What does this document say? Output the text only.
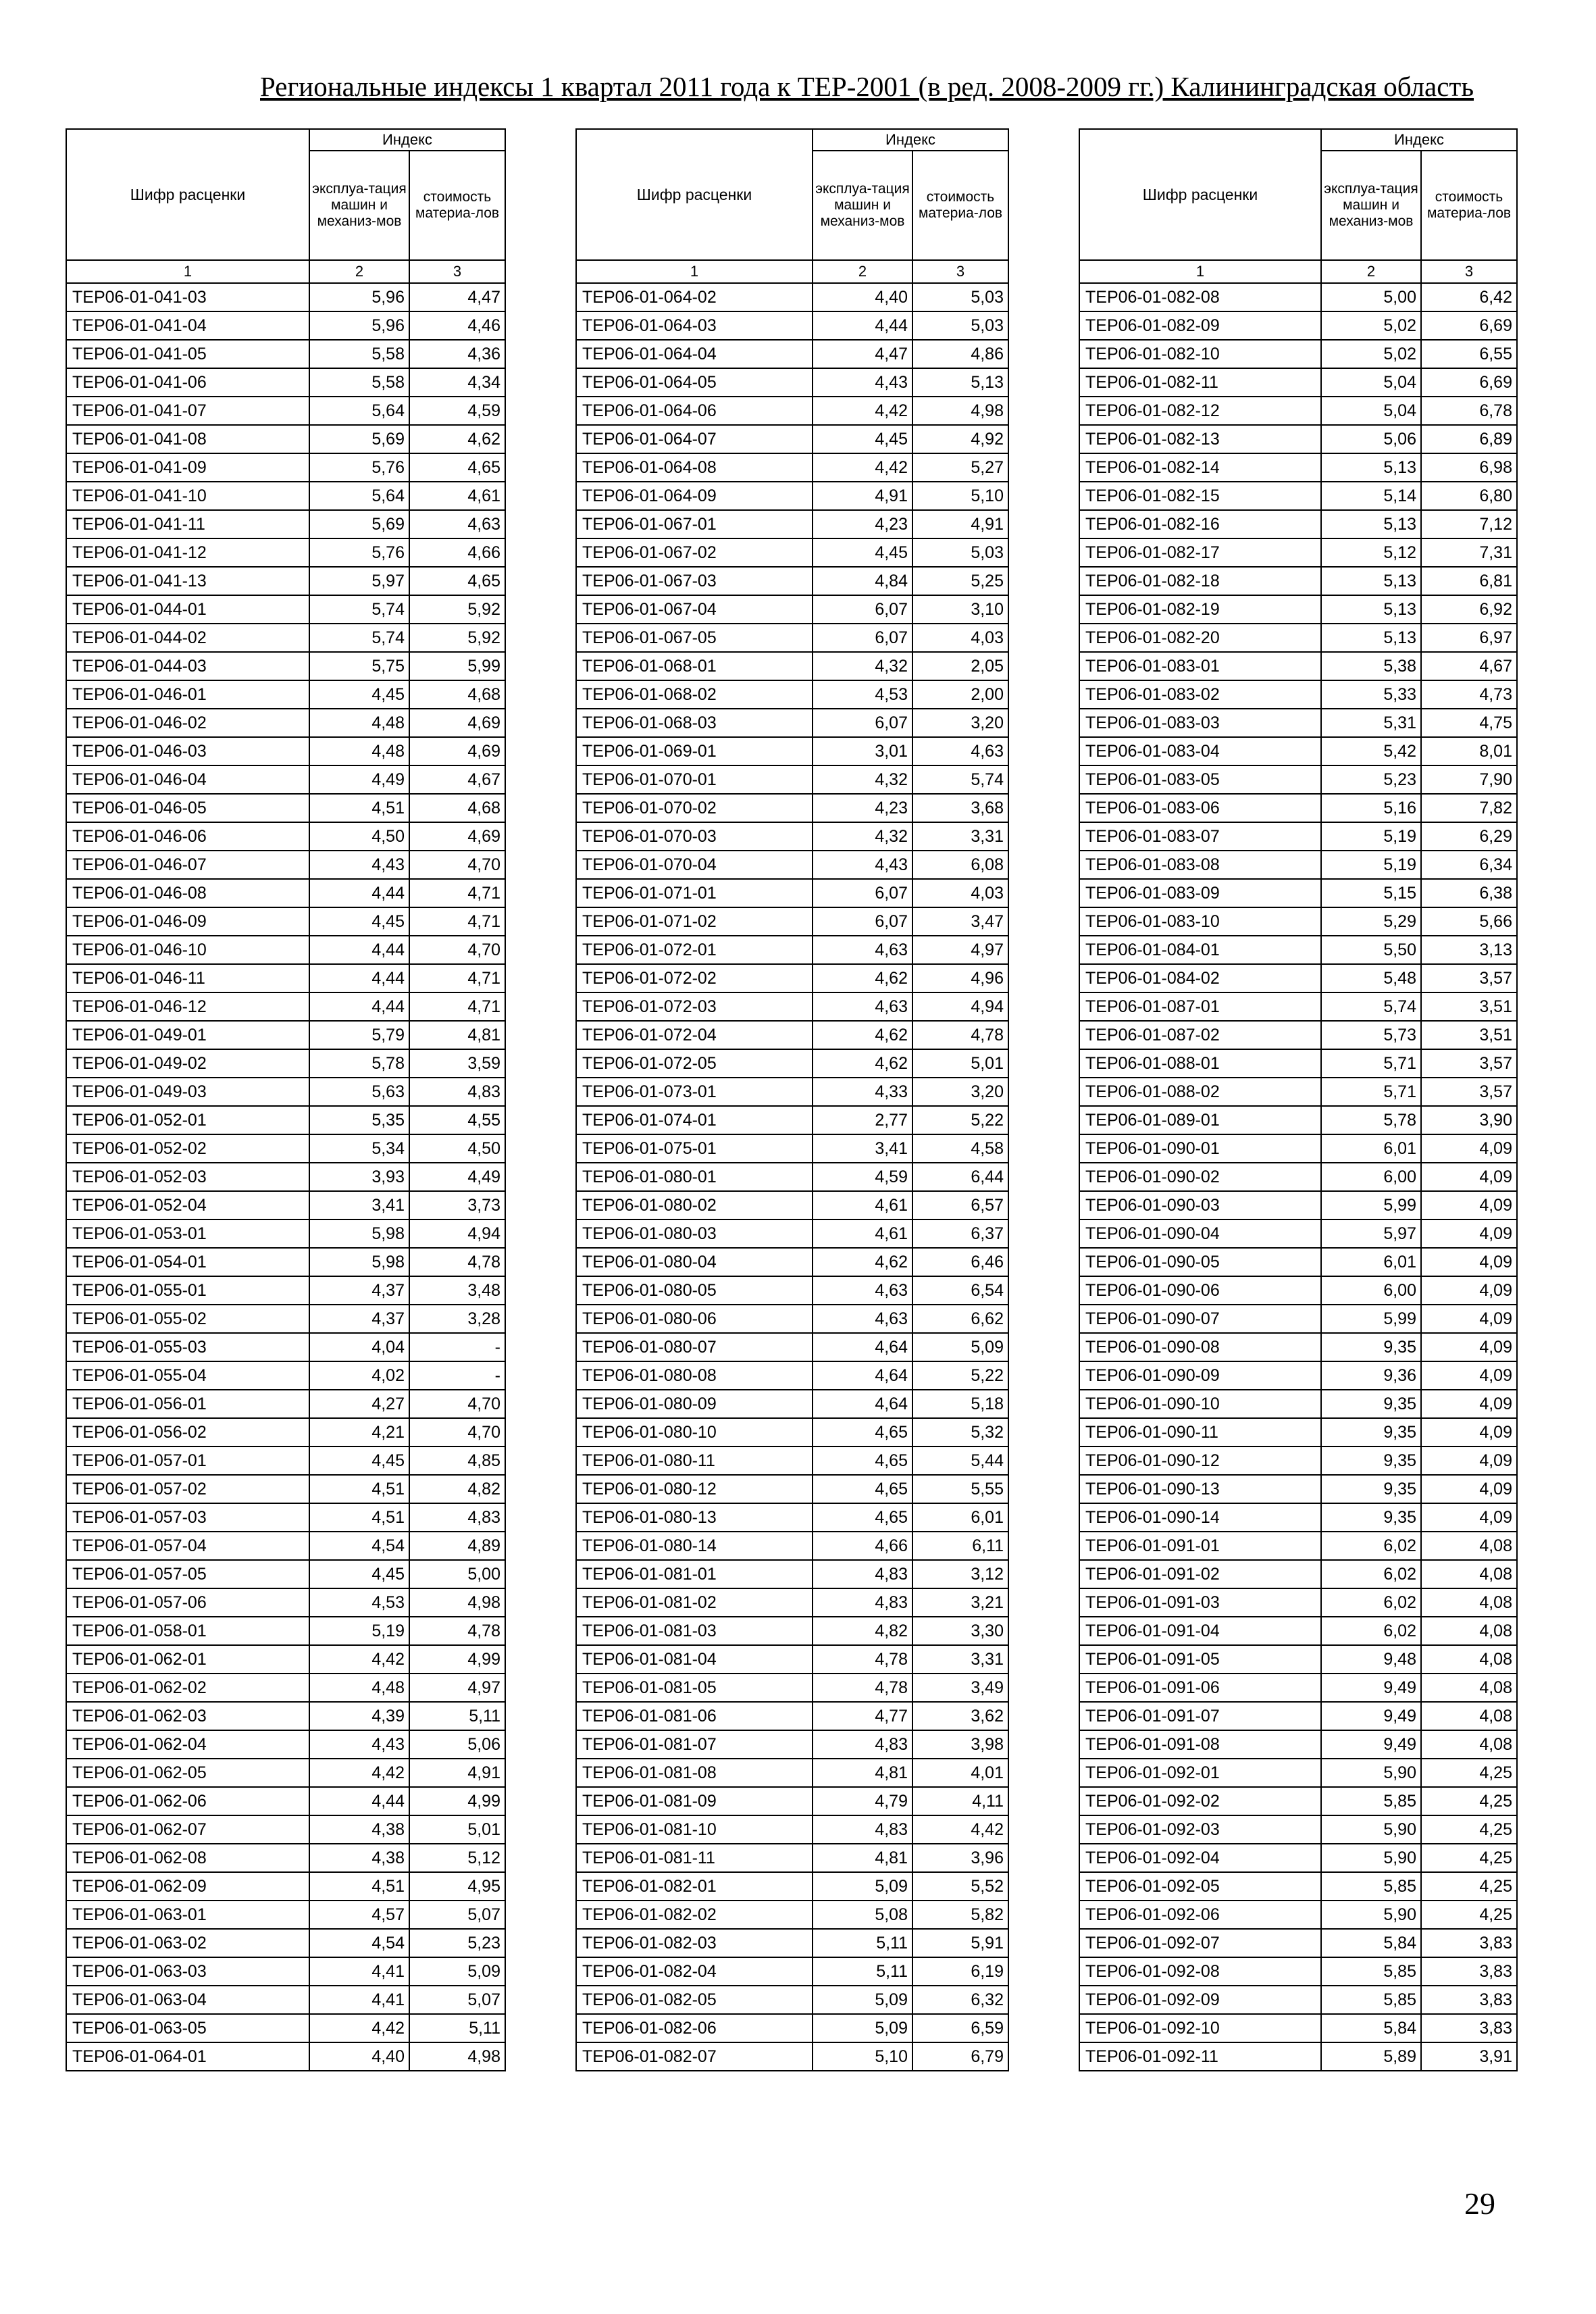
Региональные индексы 1 квартал 2011 года к ТЕР-2001 (в ред. 2008-2009 гг.) Калининградская область
Шифр расценки	Индекс	
	эксплуа-тация машин и механиз-мов	стоимость материа-лов
1	2	3
ТЕР06-01-041-03	5,96	4,47
ТЕР06-01-041-04	5,96	4,46
ТЕР06-01-041-05	5,58	4,36
ТЕР06-01-041-06	5,58	4,34
ТЕР06-01-041-07	5,64	4,59
ТЕР06-01-041-08	5,69	4,62
ТЕР06-01-041-09	5,76	4,65
ТЕР06-01-041-10	5,64	4,61
ТЕР06-01-041-11	5,69	4,63
ТЕР06-01-041-12	5,76	4,66
ТЕР06-01-041-13	5,97	4,65
ТЕР06-01-044-01	5,74	5,92
ТЕР06-01-044-02	5,74	5,92
ТЕР06-01-044-03	5,75	5,99
ТЕР06-01-046-01	4,45	4,68
ТЕР06-01-046-02	4,48	4,69
ТЕР06-01-046-03	4,48	4,69
ТЕР06-01-046-04	4,49	4,67
ТЕР06-01-046-05	4,51	4,68
ТЕР06-01-046-06	4,50	4,69
ТЕР06-01-046-07	4,43	4,70
ТЕР06-01-046-08	4,44	4,71
ТЕР06-01-046-09	4,45	4,71
ТЕР06-01-046-10	4,44	4,70
ТЕР06-01-046-11	4,44	4,71
ТЕР06-01-046-12	4,44	4,71
ТЕР06-01-049-01	5,79	4,81
ТЕР06-01-049-02	5,78	3,59
ТЕР06-01-049-03	5,63	4,83
ТЕР06-01-052-01	5,35	4,55
ТЕР06-01-052-02	5,34	4,50
ТЕР06-01-052-03	3,93	4,49
ТЕР06-01-052-04	3,41	3,73
ТЕР06-01-053-01	5,98	4,94
ТЕР06-01-054-01	5,98	4,78
ТЕР06-01-055-01	4,37	3,48
ТЕР06-01-055-02	4,37	3,28
ТЕР06-01-055-03	4,04	-
ТЕР06-01-055-04	4,02	-
ТЕР06-01-056-01	4,27	4,70
ТЕР06-01-056-02	4,21	4,70
ТЕР06-01-057-01	4,45	4,85
ТЕР06-01-057-02	4,51	4,82
ТЕР06-01-057-03	4,51	4,83
ТЕР06-01-057-04	4,54	4,89
ТЕР06-01-057-05	4,45	5,00
ТЕР06-01-057-06	4,53	4,98
ТЕР06-01-058-01	5,19	4,78
ТЕР06-01-062-01	4,42	4,99
ТЕР06-01-062-02	4,48	4,97
ТЕР06-01-062-03	4,39	5,11
ТЕР06-01-062-04	4,43	5,06
ТЕР06-01-062-05	4,42	4,91
ТЕР06-01-062-06	4,44	4,99
ТЕР06-01-062-07	4,38	5,01
ТЕР06-01-062-08	4,38	5,12
ТЕР06-01-062-09	4,51	4,95
ТЕР06-01-063-01	4,57	5,07
ТЕР06-01-063-02	4,54	5,23
ТЕР06-01-063-03	4,41	5,09
ТЕР06-01-063-04	4,41	5,07
ТЕР06-01-063-05	4,42	5,11
ТЕР06-01-064-01	4,40	4,98
Шифр расценки	Индекс	
	эксплуа-тация машин и механиз-мов	стоимость материа-лов
1	2	3
ТЕР06-01-064-02	4,40	5,03
ТЕР06-01-064-03	4,44	5,03
ТЕР06-01-064-04	4,47	4,86
ТЕР06-01-064-05	4,43	5,13
ТЕР06-01-064-06	4,42	4,98
ТЕР06-01-064-07	4,45	4,92
ТЕР06-01-064-08	4,42	5,27
ТЕР06-01-064-09	4,91	5,10
ТЕР06-01-067-01	4,23	4,91
ТЕР06-01-067-02	4,45	5,03
ТЕР06-01-067-03	4,84	5,25
ТЕР06-01-067-04	6,07	3,10
ТЕР06-01-067-05	6,07	4,03
ТЕР06-01-068-01	4,32	2,05
ТЕР06-01-068-02	4,53	2,00
ТЕР06-01-068-03	6,07	3,20
ТЕР06-01-069-01	3,01	4,63
ТЕР06-01-070-01	4,32	5,74
ТЕР06-01-070-02	4,23	3,68
ТЕР06-01-070-03	4,32	3,31
ТЕР06-01-070-04	4,43	6,08
ТЕР06-01-071-01	6,07	4,03
ТЕР06-01-071-02	6,07	3,47
ТЕР06-01-072-01	4,63	4,97
ТЕР06-01-072-02	4,62	4,96
ТЕР06-01-072-03	4,63	4,94
ТЕР06-01-072-04	4,62	4,78
ТЕР06-01-072-05	4,62	5,01
ТЕР06-01-073-01	4,33	3,20
ТЕР06-01-074-01	2,77	5,22
ТЕР06-01-075-01	3,41	4,58
ТЕР06-01-080-01	4,59	6,44
ТЕР06-01-080-02	4,61	6,57
ТЕР06-01-080-03	4,61	6,37
ТЕР06-01-080-04	4,62	6,46
ТЕР06-01-080-05	4,63	6,54
ТЕР06-01-080-06	4,63	6,62
ТЕР06-01-080-07	4,64	5,09
ТЕР06-01-080-08	4,64	5,22
ТЕР06-01-080-09	4,64	5,18
ТЕР06-01-080-10	4,65	5,32
ТЕР06-01-080-11	4,65	5,44
ТЕР06-01-080-12	4,65	5,55
ТЕР06-01-080-13	4,65	6,01
ТЕР06-01-080-14	4,66	6,11
ТЕР06-01-081-01	4,83	3,12
ТЕР06-01-081-02	4,83	3,21
ТЕР06-01-081-03	4,82	3,30
ТЕР06-01-081-04	4,78	3,31
ТЕР06-01-081-05	4,78	3,49
ТЕР06-01-081-06	4,77	3,62
ТЕР06-01-081-07	4,83	3,98
ТЕР06-01-081-08	4,81	4,01
ТЕР06-01-081-09	4,79	4,11
ТЕР06-01-081-10	4,83	4,42
ТЕР06-01-081-11	4,81	3,96
ТЕР06-01-082-01	5,09	5,52
ТЕР06-01-082-02	5,08	5,82
ТЕР06-01-082-03	5,11	5,91
ТЕР06-01-082-04	5,11	6,19
ТЕР06-01-082-05	5,09	6,32
ТЕР06-01-082-06	5,09	6,59
ТЕР06-01-082-07	5,10	6,79
Шифр расценки	Индекс	
	эксплуа-тация машин и механиз-мов	стоимость материа-лов
1	2	3
ТЕР06-01-082-08	5,00	6,42
ТЕР06-01-082-09	5,02	6,69
ТЕР06-01-082-10	5,02	6,55
ТЕР06-01-082-11	5,04	6,69
ТЕР06-01-082-12	5,04	6,78
ТЕР06-01-082-13	5,06	6,89
ТЕР06-01-082-14	5,13	6,98
ТЕР06-01-082-15	5,14	6,80
ТЕР06-01-082-16	5,13	7,12
ТЕР06-01-082-17	5,12	7,31
ТЕР06-01-082-18	5,13	6,81
ТЕР06-01-082-19	5,13	6,92
ТЕР06-01-082-20	5,13	6,97
ТЕР06-01-083-01	5,38	4,67
ТЕР06-01-083-02	5,33	4,73
ТЕР06-01-083-03	5,31	4,75
ТЕР06-01-083-04	5,42	8,01
ТЕР06-01-083-05	5,23	7,90
ТЕР06-01-083-06	5,16	7,82
ТЕР06-01-083-07	5,19	6,29
ТЕР06-01-083-08	5,19	6,34
ТЕР06-01-083-09	5,15	6,38
ТЕР06-01-083-10	5,29	5,66
ТЕР06-01-084-01	5,50	3,13
ТЕР06-01-084-02	5,48	3,57
ТЕР06-01-087-01	5,74	3,51
ТЕР06-01-087-02	5,73	3,51
ТЕР06-01-088-01	5,71	3,57
ТЕР06-01-088-02	5,71	3,57
ТЕР06-01-089-01	5,78	3,90
ТЕР06-01-090-01	6,01	4,09
ТЕР06-01-090-02	6,00	4,09
ТЕР06-01-090-03	5,99	4,09
ТЕР06-01-090-04	5,97	4,09
ТЕР06-01-090-05	6,01	4,09
ТЕР06-01-090-06	6,00	4,09
ТЕР06-01-090-07	5,99	4,09
ТЕР06-01-090-08	9,35	4,09
ТЕР06-01-090-09	9,36	4,09
ТЕР06-01-090-10	9,35	4,09
ТЕР06-01-090-11	9,35	4,09
ТЕР06-01-090-12	9,35	4,09
ТЕР06-01-090-13	9,35	4,09
ТЕР06-01-090-14	9,35	4,09
ТЕР06-01-091-01	6,02	4,08
ТЕР06-01-091-02	6,02	4,08
ТЕР06-01-091-03	6,02	4,08
ТЕР06-01-091-04	6,02	4,08
ТЕР06-01-091-05	9,48	4,08
ТЕР06-01-091-06	9,49	4,08
ТЕР06-01-091-07	9,49	4,08
ТЕР06-01-091-08	9,49	4,08
ТЕР06-01-092-01	5,90	4,25
ТЕР06-01-092-02	5,85	4,25
ТЕР06-01-092-03	5,90	4,25
ТЕР06-01-092-04	5,90	4,25
ТЕР06-01-092-05	5,85	4,25
ТЕР06-01-092-06	5,90	4,25
ТЕР06-01-092-07	5,84	3,83
ТЕР06-01-092-08	5,85	3,83
ТЕР06-01-092-09	5,85	3,83
ТЕР06-01-092-10	5,84	3,83
ТЕР06-01-092-11	5,89	3,91
29
